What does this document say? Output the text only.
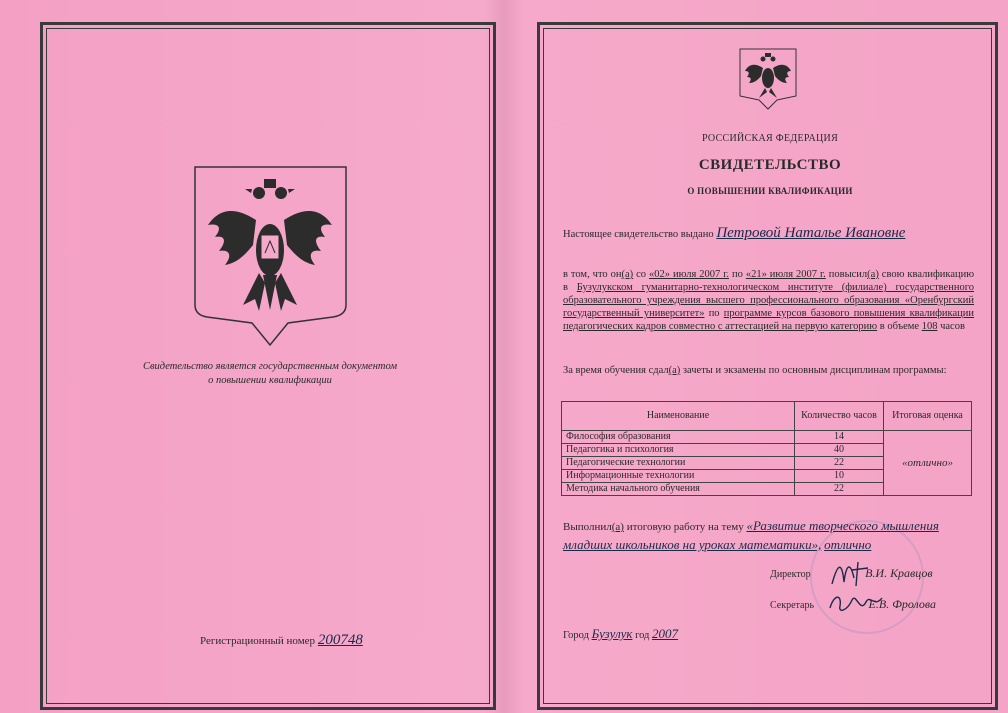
Свидетельство является государственным документом
о повышении квалификации
Регистрационный номер 200748
РОССИЙСКАЯ ФЕДЕРАЦИЯ
СВИДЕТЕЛЬСТВО
О ПОВЫШЕНИИ КВАЛИФИКАЦИИ
Настоящее свидетельство выдано Петровой Наталье Ивановне
в том, что он(а) со «02» июля 2007 г. по «21» июля 2007 г. повысил(а) свою квалификацию в Бузулукском гуманитарно-технологическом институте (филиале) государственного образовательного учреждения высшего профессионального образования «Оренбургский государственный университет» по программе курсов базового повышения квалификации педагогических кадров совместно с аттестацией на первую категорию в объеме 108 часов
За время обучения сдал(а) зачеты и экзамены по основным дисциплинам программы:
Наименование	Количество часов	Итоговая оценка
Философия образования	14	«отлично»
Педагогика и психология	40	
Педагогические технологии	22	
Информационные технологии	10	
Методика начального обучения	22	
Выполнил(а) итоговую работу на тему «Развитие творческого мышления младших школьников на уроках математики», отлично
Директор	В.И. Кравцов
Секретарь	Е.В. Фролова
Город Бузулук год 2007
